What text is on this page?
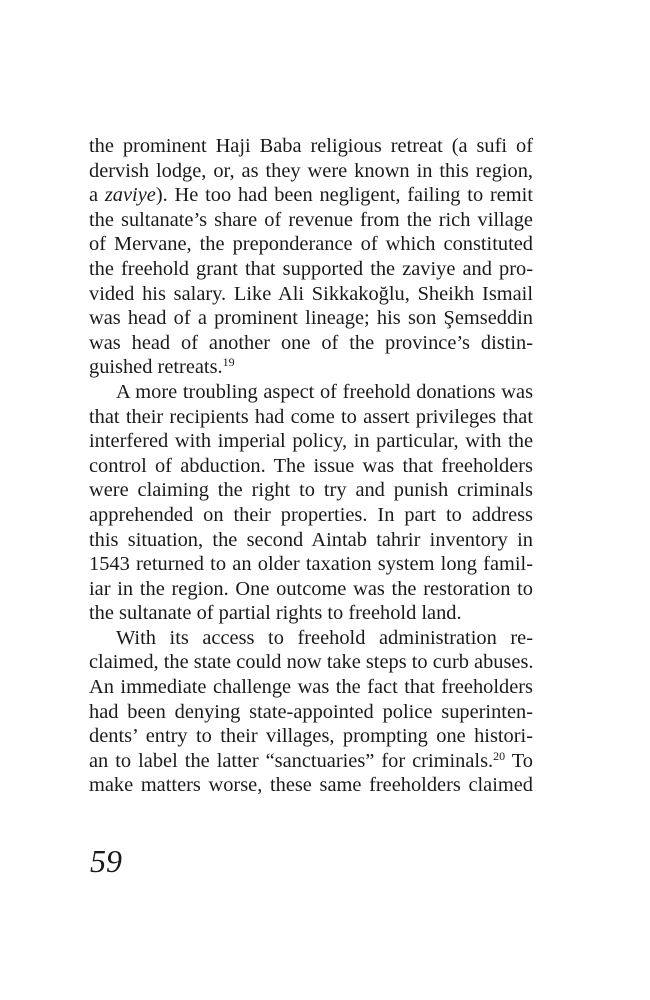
the prominent Haji Baba religious retreat (a sufi of
dervish lodge, or, as they were known in this region,
a zaviye). He too had been negligent, failing to remit
the sultanate’s share of revenue from the rich village
of Mervane, the preponderance of which constituted
the freehold grant that supported the zaviye and pro-
vided his salary. Like Ali Sikkakoğlu, Sheikh Ismail
was head of a prominent lineage; his son Şemseddin
was head of another one of the province’s distin-
guished retreats.$^{19}$
A more troubling aspect of freehold donations was
that their recipients had come to assert privileges that
interfered with imperial policy, in particular, with the
control of abduction. The issue was that freeholders
were claiming the right to try and punish criminals
apprehended on their properties. In part to address
this situation, the second Aintab tahrir inventory in
1543 returned to an older taxation system long famil-
iar in the region. One outcome was the restoration to
the sultanate of partial rights to freehold land.
With its access to freehold administration re-
claimed, the state could now take steps to curb abuses.
An immediate challenge was the fact that freeholders
had been denying state-appointed police superinten-
dents’ entry to their villages, prompting one histori-
an to label the latter “sanctuaries” for criminals.$^{20}$ To
make matters worse, these same freeholders claimed
59
